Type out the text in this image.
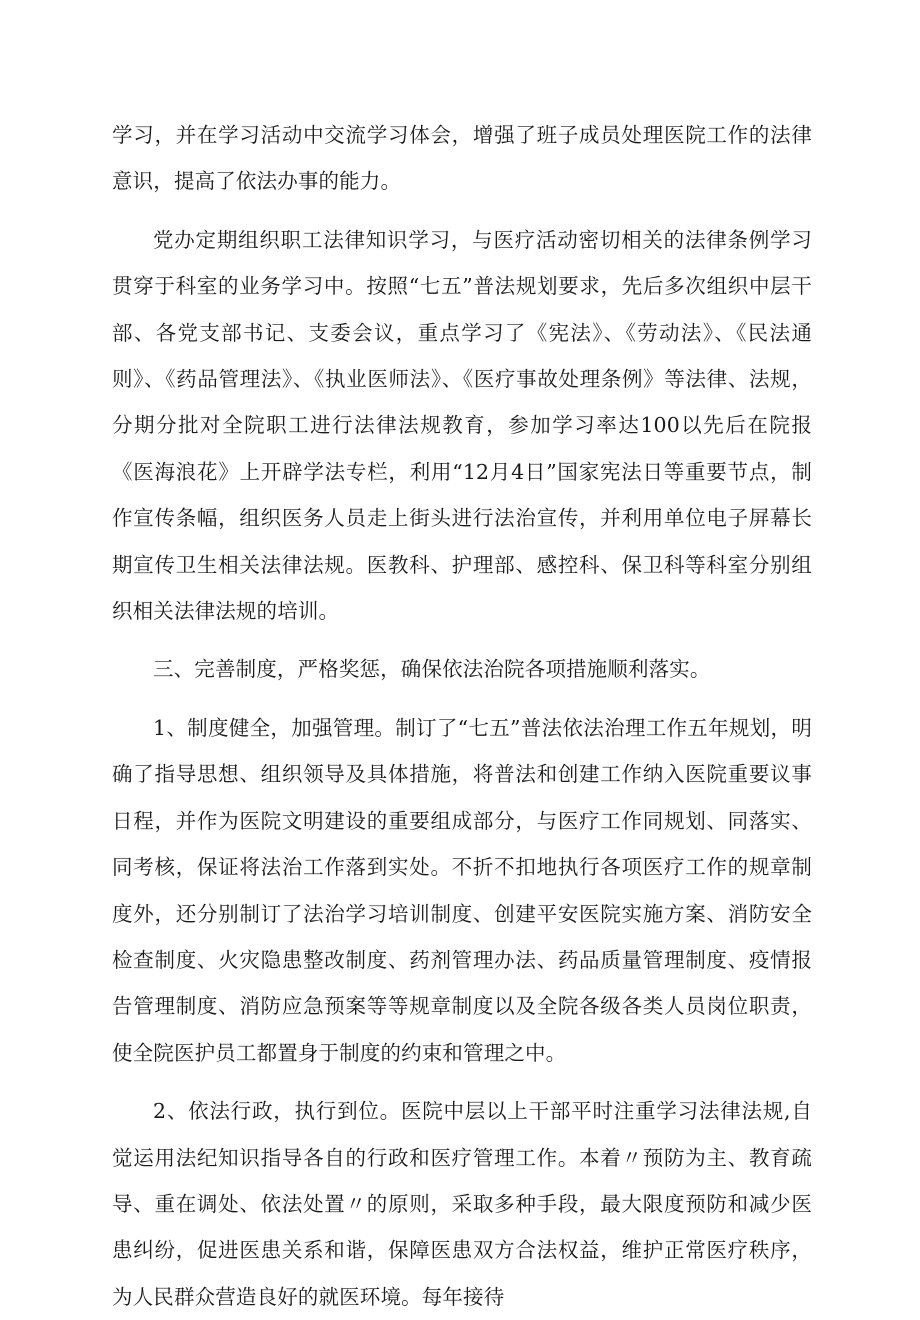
学习，并在学习活动中交流学习体会，增强了班子成员处理医院工作的法律意识，提高了依法办事的能力。

党办定期组织职工法律知识学习，与医疗活动密切相关的法律条例学习贯穿于科室的业务学习中。按照“七五”普法规划要求，先后多次组织中层干部、各党支部书记、支委会议，重点学习了《宪法》、《劳动法》、《民法通则》、《药品管理法》、《执业医师法》、《医疗事故处理条例》等法律、法规，分期分批对全院职工进行法律法规教育，参加学习率达100以先后在院报《医海浪花》上开辟学法专栏，利用“12月4日”国家宪法日等重要节点，制作宣传条幅，组织医务人员走上街头进行法治宣传，并利用单位电子屏幕长期宣传卫生相关法律法规。医教科、护理部、感控科、保卫科等科室分别组织相关法律法规的培训。

三、完善制度，严格奖惩，确保依法治院各项措施顺利落实。

1、制度健全，加强管理。制订了“七五”普法依法治理工作五年规划，明确了指导思想、组织领导及具体措施，将普法和创建工作纳入医院重要议事日程，并作为医院文明建设的重要组成部分，与医疗工作同规划、同落实、同考核，保证将法治工作落到实处。不折不扣地执行各项医疗工作的规章制度外，还分别制订了法治学习培训制度、创建平安医院实施方案、消防安全检查制度、火灾隐患整改制度、药剂管理办法、药品质量管理制度、疫情报告管理制度、消防应急预案等等规章制度以及全院各级各类人员岗位职责，使全院医护员工都置身于制度的约束和管理之中。

2、依法行政，执行到位。医院中层以上干部平时注重学习法律法规,自觉运用法纪知识指导各自的行政和医疗管理工作。本着〃预防为主、教育疏导、重在调处、依法处置〃的原则，采取多种手段，最大限度预防和减少医患纠纷，促进医患关系和谐，保障医患双方合法权益，维护正常医疗秩序，为人民群众营造良好的就医环境。每年接待
